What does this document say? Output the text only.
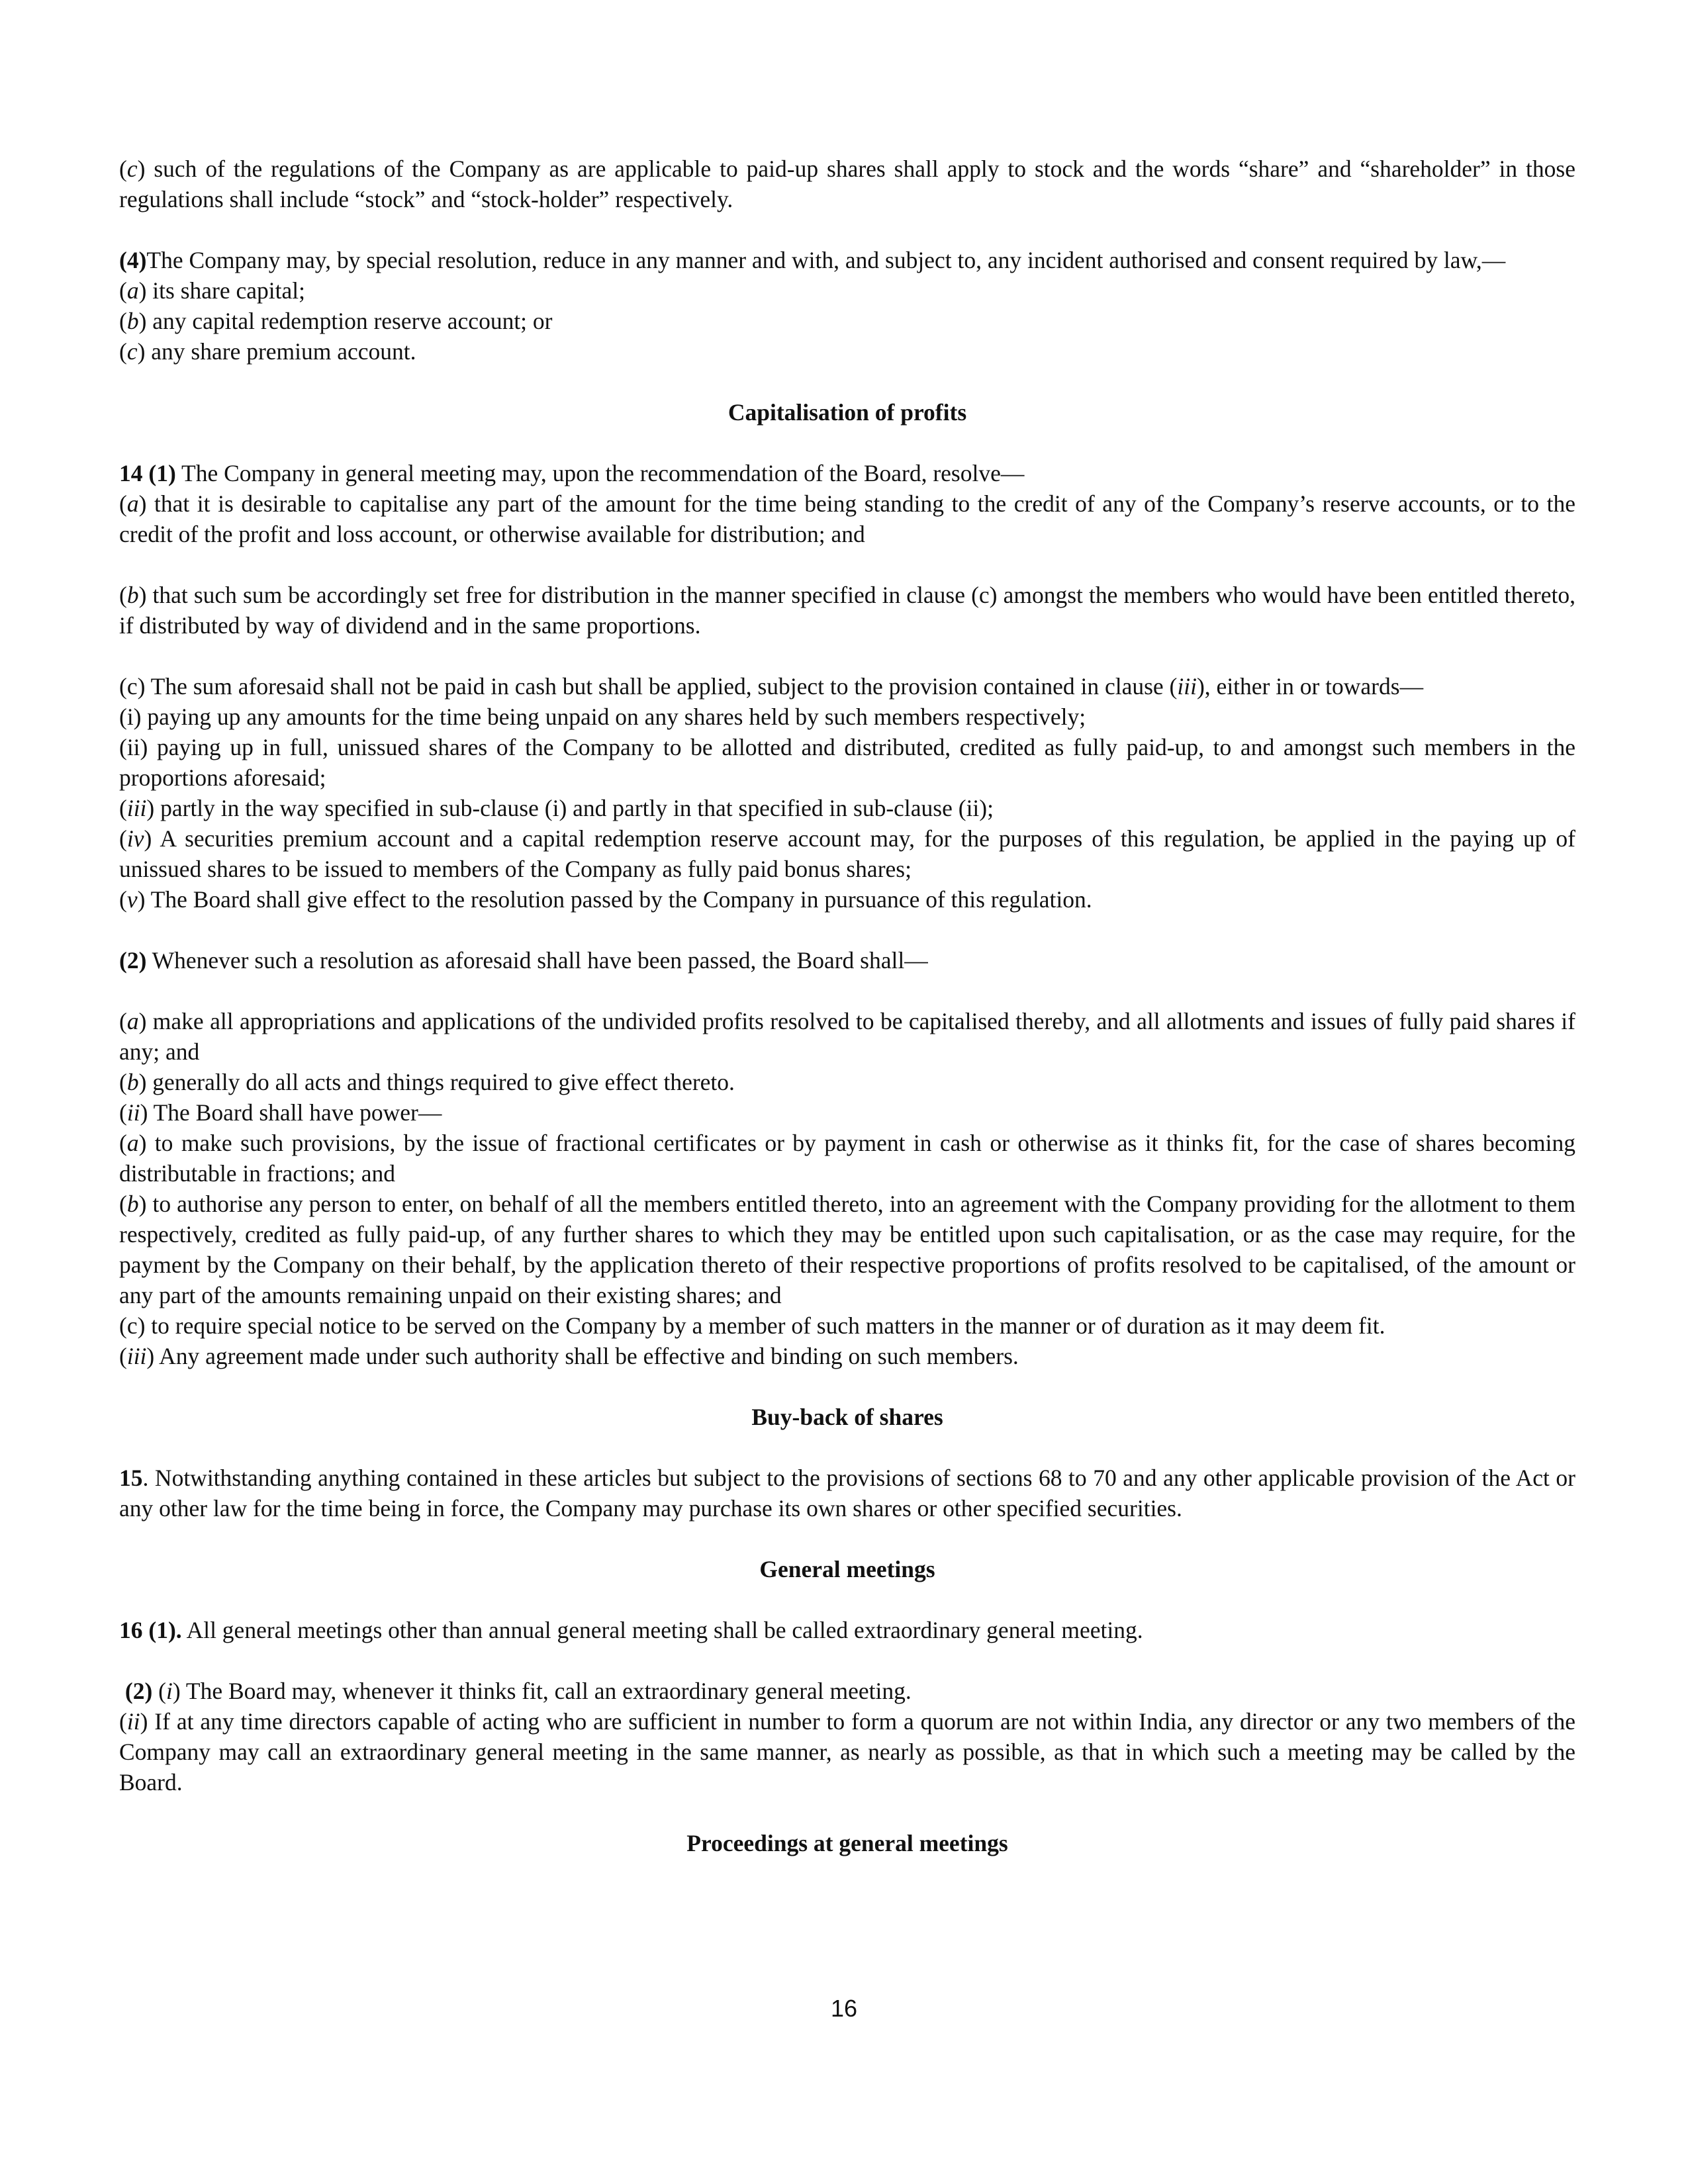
(c) such of the regulations of the Company as are applicable to paid-up shares shall apply to stock and the words “share” and “shareholder” in those regulations shall include “stock” and “stock-holder” respectively.

(4)The Company may, by special resolution, reduce in any manner and with, and subject to, any incident authorised and consent required by law,—

(a) its share capital;

(b) any capital redemption reserve account; or

(c) any share premium account.

Capitalisation of profits

14 (1) The Company in general meeting may, upon the recommendation of the Board, resolve—

(a) that it is desirable to capitalise any part of the amount for the time being standing to the credit of any of the Company’s reserve accounts, or to the credit of the profit and loss account, or otherwise available for distribution; and

(b) that such sum be accordingly set free for distribution in the manner specified in clause (c) amongst the members who would have been entitled thereto, if distributed by way of dividend and in the same proportions.

(c) The sum aforesaid shall not be paid in cash but shall be applied, subject to the provision contained in clause (iii), either in or towards—

(i) paying up any amounts for the time being unpaid on any shares held by such members respectively;

(ii) paying up in full, unissued shares of the Company to be allotted and distributed, credited as fully paid-up, to and amongst such members in the proportions aforesaid;

(iii) partly in the way specified in sub-clause (i) and partly in that specified in sub-clause (ii);

(iv) A securities premium account and a capital redemption reserve account may, for the purposes of this regulation, be applied in the paying up of unissued shares to be issued to members of the Company as fully paid bonus shares;

(v) The Board shall give effect to the resolution passed by the Company in pursuance of this regulation.

(2) Whenever such a resolution as aforesaid shall have been passed, the Board shall—

(a) make all appropriations and applications of the undivided profits resolved to be capitalised thereby, and all allotments and issues of fully paid shares if any; and

(b) generally do all acts and things required to give effect thereto.

(ii) The Board shall have power—

(a) to make such provisions, by the issue of fractional certificates or by payment in cash or otherwise as it thinks fit, for the case of shares becoming distributable in fractions; and

(b) to authorise any person to enter, on behalf of all the members entitled thereto, into an agreement with the Company providing for the allotment to them respectively, credited as fully paid-up, of any further shares to which they may be entitled upon such capitalisation, or as the case may require, for the payment by the Company on their behalf, by the application thereto of their respective proportions of profits resolved to be capitalised, of the amount or any part of the amounts remaining unpaid on their existing shares; and

(c) to require special notice to be served on the Company by a member of such matters in the manner or of duration as it may deem fit.

(iii) Any agreement made under such authority shall be effective and binding on such members.

Buy-back of shares

15. Notwithstanding anything contained in these articles but subject to the provisions of sections 68 to 70 and any other applicable provision of the Act or any other law for the time being in force, the Company may purchase its own shares or other specified securities.

General meetings

16 (1). All general meetings other than annual general meeting shall be called extraordinary general meeting.

(2) (i) The Board may, whenever it thinks fit, call an extraordinary general meeting.

(ii) If at any time directors capable of acting who are sufficient in number to form a quorum are not within India, any director or any two members of the Company may call an extraordinary general meeting in the same manner, as nearly as possible, as that in which such a meeting may be called by the Board.

Proceedings at general meetings

16
